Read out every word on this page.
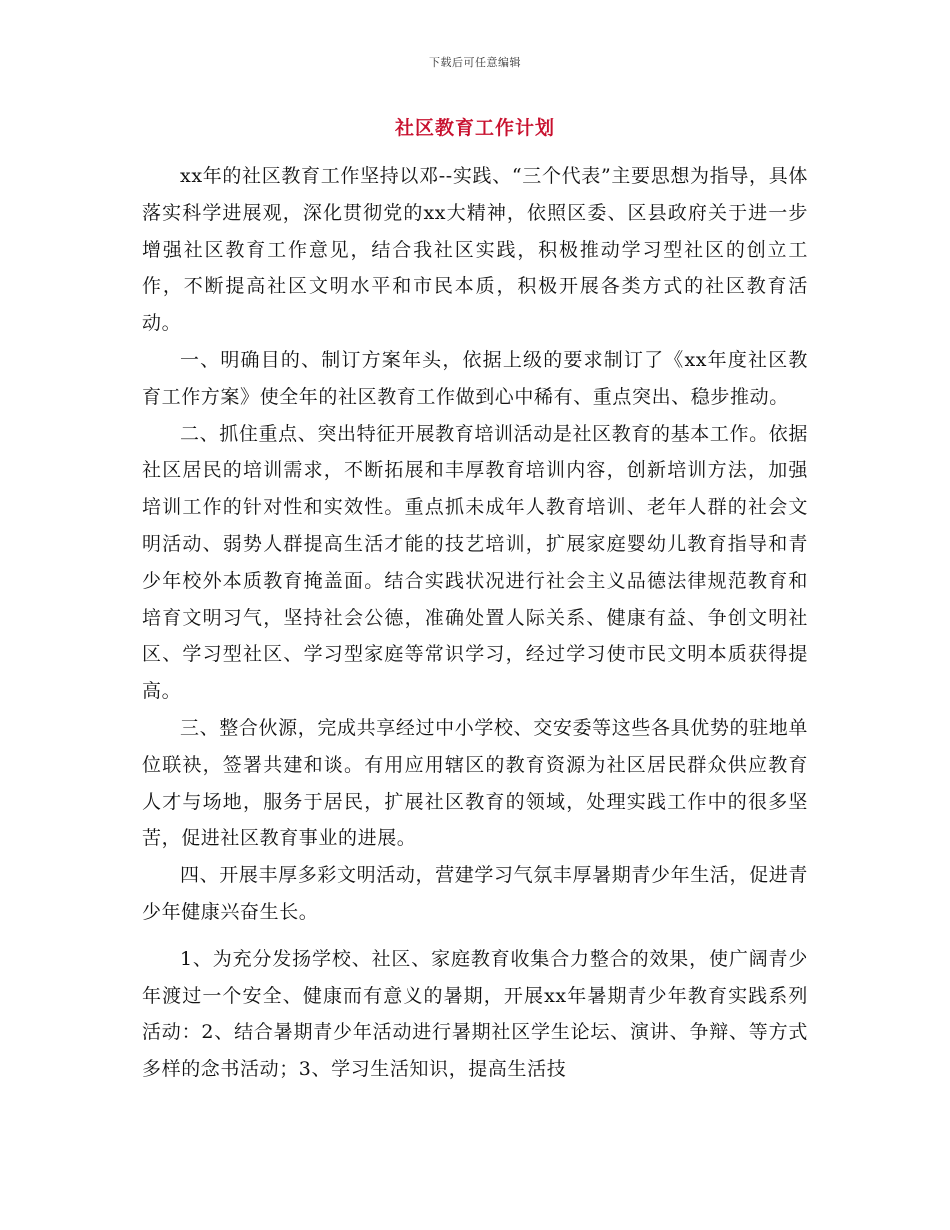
下载后可任意编辑
社区教育工作计划

xx年的社区教育工作坚持以邓--实践、“三个代表”主要思想为指导，具体落实科学进展观，深化贯彻党的xx大精神，依照区委、区县政府关于进一步增强社区教育工作意见，结合我社区实践，积极推动学习型社区的创立工作，不断提高社区文明水平和市民本质，积极开展各类方式的社区教育活动。

一、明确目的、制订方案年头，依据上级的要求制订了《xx年度社区教育工作方案》使全年的社区教育工作做到心中稀有、重点突出、稳步推动。

二、抓住重点、突出特征开展教育培训活动是社区教育的基本工作。依据社区居民的培训需求，不断拓展和丰厚教育培训内容，创新培训方法，加强培训工作的针对性和实效性。重点抓未成年人教育培训、老年人群的社会文明活动、弱势人群提高生活才能的技艺培训，扩展家庭婴幼儿教育指导和青少年校外本质教育掩盖面。结合实践状况进行社会主义品德法律规范教育和培育文明习气，坚持社会公德，准确处置人际关系、健康有益、争创文明社区、学习型社区、学习型家庭等常识学习，经过学习使市民文明本质获得提高。

三、整合伙源，完成共享经过中小学校、交安委等这些各具优势的驻地单位联袂，签署共建和谈。有用应用辖区的教育资源为社区居民群众供应教育人才与场地，服务于居民，扩展社区教育的领域，处理实践工作中的很多坚苦，促进社区教育事业的进展。

四、开展丰厚多彩文明活动，营建学习气氛丰厚暑期青少年生活，促进青少年健康兴奋生长。

1、为充分发扬学校、社区、家庭教育收集合力整合的效果，使广阔青少年渡过一个安全、健康而有意义的暑期，开展xx年暑期青少年教育实践系列活动：2、结合暑期青少年活动进行暑期社区学生论坛、演讲、争辩、等方式多样的念书活动；3、学习生活知识，提高生活技
